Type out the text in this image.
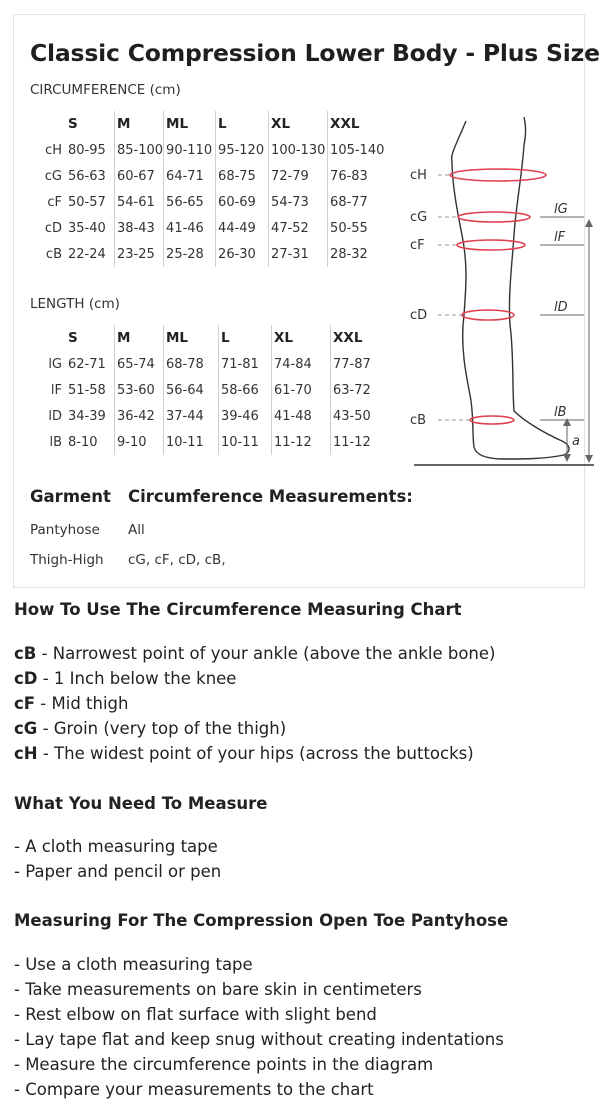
Classic Compression Lower Body - Plus Size

CIRCUMFERENCE (cm)

	S	M	ML	L	XL	XXL
cH	80-95	85-100	90-110	95-120	100-130	105-140
cG	56-63	60-67	64-71	68-75	72-79	76-83
cF	50-57	54-61	56-65	60-69	54-73	68-77
cD	35-40	38-43	41-46	44-49	47-52	50-55
cB	22-24	23-25	25-28	26-30	27-31	28-32

LENGTH (cm)

	S	M	ML	L	XL	XXL
lG	62-71	65-74	68-78	71-81	74-84	77-87
lF	51-58	53-60	56-64	58-66	61-70	63-72
lD	34-39	36-42	37-44	39-46	41-48	43-50
lB	8-10	9-10	10-11	10-11	11-12	11-12
cH
cG
cF
cD
cB
lG
lF
lD
lB
a
Garment Circumference Measurements:
Pantyhose All
Thigh-High cG, cF, cD, cB,
How To Use The Circumference Measuring Chart
cB - Narrowest point of your ankle (above the ankle bone)
cD - 1 Inch below the knee
cF - Mid thigh
cG - Groin (very top of the thigh)
cH - The widest point of your hips (across the buttocks)
What You Need To Measure
- A cloth measuring tape
- Paper and pencil or pen
Measuring For The Compression Open Toe Pantyhose
- Use a cloth measuring tape
- Take measurements on bare skin in centimeters
- Rest elbow on flat surface with slight bend
- Lay tape flat and keep snug without creating indentations
- Measure the circumference points in the diagram
- Compare your measurements to the chart
